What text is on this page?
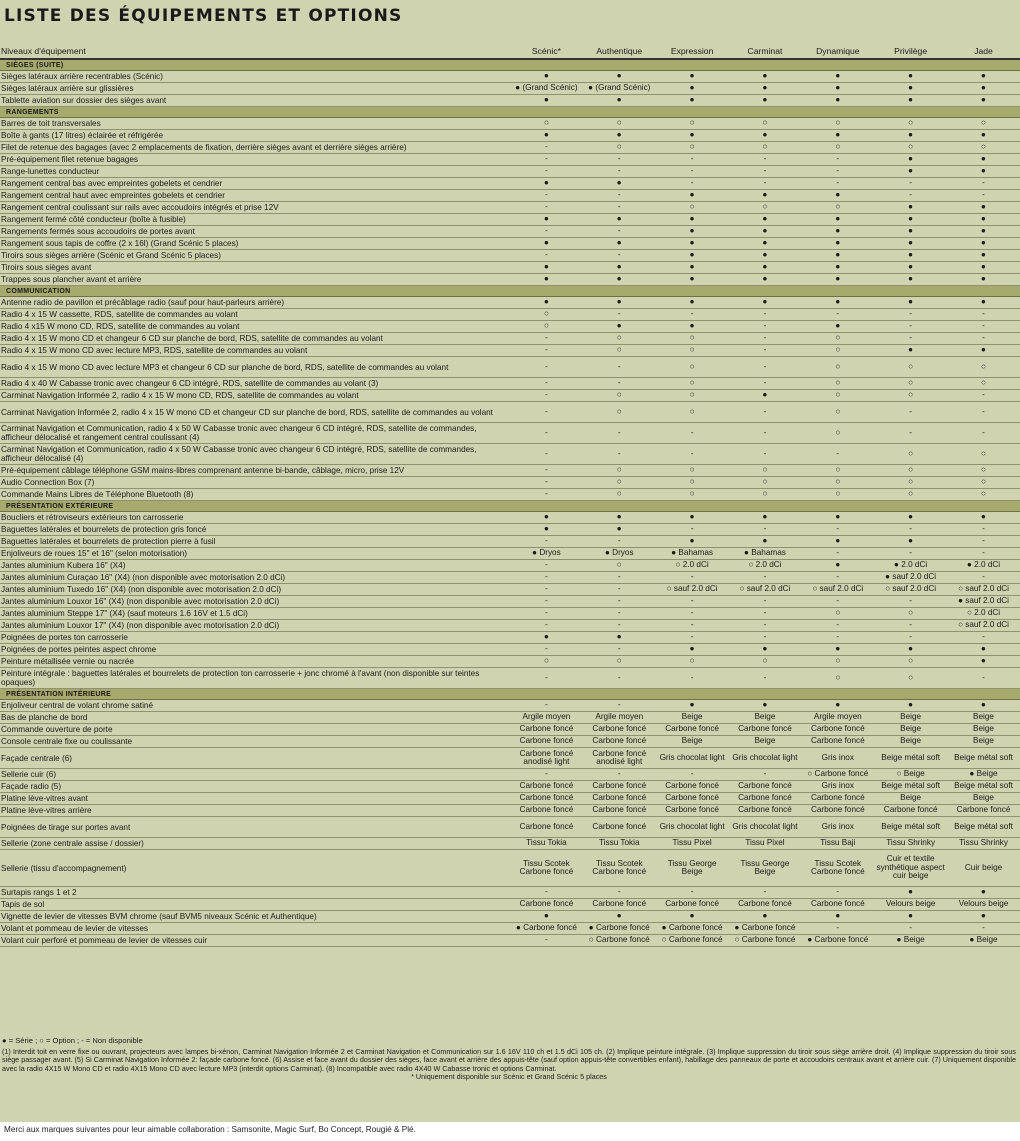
LISTE DES ÉQUIPEMENTS ET OPTIONS
Niveaux d'équipement	Scénic*	Authentique	Expression	Carminat	Dynamique	Privilège	Jade
SIÈGES (SUITE)							
Sièges latéraux arrière recentrables (Scénic)	●	●	●	●	●	●	●
Sièges latéraux arrière sur glissières	● (Grand Scénic)	● (Grand Scénic)	●	●	●	●	●
Tablette aviation sur dossier des sièges avant	●	●	●	●	●	●	●
RANGEMENTS							
Barres de toit transversales	○	○	○	○	○	○	○
Boîte à gants (17 litres) éclairée et réfrigérée	●	●	●	●	●	●	●
Filet de retenue des bagages (avec 2 emplacements de fixation, derrière sièges avant et derrière sièges arrière)	-	○	○	○	○	○	○
Pré-équipement filet retenue bagages	-	-	-	-	-	●	●
Range-lunettes conducteur	-	-	-	-	-	●	●
Rangement central bas avec empreintes gobelets et cendrier	●	●	-	-	-	-	-
Rangement central haut avec empreintes gobelets et cendrier	-	-	●	●	●	-	-
Rangement central coulissant sur rails avec accoudoirs intégrés et prise 12V	-	-	○	○	○	●	●
Rangement fermé côté conducteur (boîte à fusible)	●	●	●	●	●	●	●
Rangements fermés sous accoudoirs de portes avant	-	-	●	●	●	●	●
Rangement sous tapis de coffre (2 x 16l) (Grand Scénic 5 places)	●	●	●	●	●	●	●
Tiroirs sous sièges arrière (Scénic et Grand Scénic 5 places)	-	-	●	●	●	●	●
Tiroirs sous sièges avant	●	●	●	●	●	●	●
Trappes sous plancher avant et arrière	●	●	●	●	●	●	●
COMMUNICATION							
Antenne radio de pavillon et précâblage radio (sauf pour haut-parleurs arrière)	●	●	●	●	●	●	●
Radio 4 x 15 W cassette, RDS, satellite de commandes au volant	○	-	-	-	-	-	-
Radio 4 x15 W mono CD, RDS, satellite de commandes au volant	○	●	●	-	●	-	-
Radio 4 x 15 W mono CD et changeur 6 CD sur planche de bord, RDS, satellite de commandes au volant	-	○	○	-	○	-	-
Radio 4 x 15 W mono CD avec lecture MP3, RDS, satellite de commandes au volant	-	○	○	-	○	●	●
Radio 4 x 15 W mono CD avec lecture MP3 et changeur 6 CD sur planche de bord, RDS, satellite de commandes au volant	-	-	○	-	○	○	○
Radio 4 x 40 W Cabasse tronic avec changeur 6 CD intégré, RDS, satellite de commandes au volant (3)	-	-	○	-	○	○	○
Carminat Navigation Informée 2, radio 4 x 15 W mono CD, RDS, satellite de commandes au volant	-	○	○	●	○	○	-
Carminat Navigation Informée 2, radio 4 x 15 W mono CD et changeur CD sur planche de bord, RDS, satellite de commandes au volant	-	○	○	-	○	-	-
Carminat Navigation et Communication, radio 4 x 50 W Cabasse tronic avec changeur 6 CD intégré, RDS, satellite de commandes, afficheur délocalisé et rangement central coulissant (4)	-	-	-	-	○	-	-
Carminat Navigation et Communication, radio 4 x 50 W Cabasse tronic avec changeur 6 CD intégré, RDS, satellite de commandes, afficheur délocalisé (4)	-	-	-	-	-	○	○
Pré-équipement câblage téléphone GSM mains-libres comprenant antenne bi-bande, câblage, micro, prise 12V	-	○	○	○	○	○	○
Audio Connection Box (7)	-	○	○	○	○	○	○
Commande Mains Libres de Téléphone Bluetooth (8)	-	○	○	○	○	○	○
PRÉSENTATION EXTÉRIEURE							
Boucliers et rétroviseurs extérieurs ton carrosserie	●	●	●	●	●	●	●
Baguettes latérales et bourrelets de protection gris foncé	●	●	-	-	-	-	-
Baguettes latérales et bourrelets de protection pierre à fusil	-	-	●	●	●	●	-
Enjoliveurs de roues 15" et 16" (selon motorisation)	● Dryos	● Dryos	● Bahamas	● Bahamas	-	-	-
Jantes aluminium Kubera 16" (X4)	-	○	○ 2.0 dCi	○ 2.0 dCi	●	● 2.0 dCi	● 2.0 dCi
Jantes aluminium Curaçao 16" (X4) (non disponible avec motorisation 2.0 dCi)	-	-	-	-	-	● sauf 2.0 dCi	-
Jantes aluminium Tuxedo 16" (X4) (non disponible avec motorisation 2.0 dCi)	-	-	○ sauf 2.0 dCi	○ sauf 2.0 dCi	○ sauf 2.0 dCi	○ sauf 2.0 dCi	○ sauf 2.0 dCi
Jantes aluminium Louxor 16" (X4) (non disponible avec motorisation 2.0 dCi)	-	-	-	-	-	-	● sauf 2.0 dCi
Jantes aluminium Steppe 17" (X4) (sauf moteurs 1.6 16V et 1.5 dCi)	-	-	-	-	○	○	○ 2.0 dCi
Jantes aluminium Louxor 17" (X4) (non disponible avec motorisation 2.0 dCi)	-	-	-	-	-	-	○ sauf 2.0 dCi
Poignées de portes ton carrosserie	●	●	-	-	-	-	-
Poignées de portes peintes aspect chrome	-	-	●	●	●	●	●
Peinture métallisée vernie ou nacrée	○	○	○	○	○	○	●
Peinture intégrale : baguettes latérales et bourrelets de protection ton carrosserie + jonc chromé à l'avant (non disponible sur teintes opaques)	-	-	-	-	○	○	-
PRÉSENTATION INTÉRIEURE							
Enjoliveur central de volant chrome satiné	-	-	●	●	●	●	●
Bas de planche de bord	Argile moyen	Argile moyen	Beige	Beige	Argile moyen	Beige	Beige
Commande ouverture de porte	Carbone foncé	Carbone foncé	Carbone foncé	Carbone foncé	Carbone foncé	Beige	Beige
Console centrale fixe ou coulissante	Carbone foncé	Carbone foncé	Beige	Beige	Carbone foncé	Beige	Beige
Façade centrale (6)	Carbone foncé anodisé light	Carbone foncé anodisé light	Gris chocolat light	Gris chocolat light	Gris inox	Beige métal soft	Beige métal soft
Sellerie cuir (6)	-	-	-	-	○ Carbone foncé	○ Beige	● Beige
Façade radio (5)	Carbone foncé	Carbone foncé	Carbone foncé	Carbone foncé	Gris inox	Beige métal soft	Beige métal soft
Platine lève-vitres avant	Carbone foncé	Carbone foncé	Carbone foncé	Carbone foncé	Carbone foncé	Beige	Beige
Platine lève-vitres arrière	Carbone foncé	Carbone foncé	Carbone foncé	Carbone foncé	Carbone foncé	Carbone foncé	Carbone foncé
Poignées de tirage sur portes avant	Carbone foncé	Carbone foncé	Gris chocolat light	Gris chocolat light	Gris inox	Beige métal soft	Beige métal soft
Sellerie (zone centrale assise / dossier)	Tissu Tokia	Tissu Tokia	Tissu Pixel	Tissu Pixel	Tissu Baji	Tissu Shrinky	Tissu Shrinky
Sellerie (tissu d'accompagnement)	Tissu Scotek Carbone foncé	Tissu Scotek Carbone foncé	Tissu George Beige	Tissu George Beige	Tissu Scotek Carbone foncé	Cuir et textile synthétique aspect cuir beige	Cuir beige
Surtapis rangs 1 et 2	-	-	-	-	-	●	●
Tapis de sol	Carbone foncé	Carbone foncé	Carbone foncé	Carbone foncé	Carbone foncé	Velours beige	Velours beige
Vignette de levier de vitesses BVM chrome (sauf BVM5 niveaux Scénic et Authentique)	●	●	●	●	●	●	●
Volant et pommeau de levier de vitesses	● Carbone foncé	● Carbone foncé	● Carbone foncé	● Carbone foncé	-	-	-
Volant cuir perforé et pommeau de levier de vitesses cuir	-	○ Carbone foncé	○ Carbone foncé	○ Carbone foncé	● Carbone foncé	● Beige	● Beige
● = Série ; ○ = Option ; - = Non disponible
(1) Interdit toit en verre fixe ou ouvrant, projecteurs avec lampes bi-xénon, Carminat Navigation Informée 2 et Carminat Navigation et Communication sur 1.6 16V 110 ch et 1.5 dCi 105 ch. (2) Implique peinture intégrale. (3) Implique suppression du tiroir sous siège arrière droit. (4) Implique suppression du tiroir sous siège passager avant. (5) Si Carminat Navigation Informée 2: façade carbone foncé. (6) Assise et face avant du dossier des sièges, face avant et arrière des appuis-tête (sauf option appuis-tête convertibles enfant), habillage des panneaux de porte et accoudoirs centraux avant et arrière cuir. (7) Uniquement disponible avec la radio 4X15 W Mono CD et radio 4X15 Mono CD avec lecture MP3 (interdit options Carminat). (8) Incompatible avec radio 4X40 W Cabasse tronic et options Carminat.
* Uniquement disponible sur Scénic et Grand Scénic 5 places
Merci aux marques suivantes pour leur aimable collaboration : Samsonite, Magic Surf, Bo Concept, Rougié & Plé.
